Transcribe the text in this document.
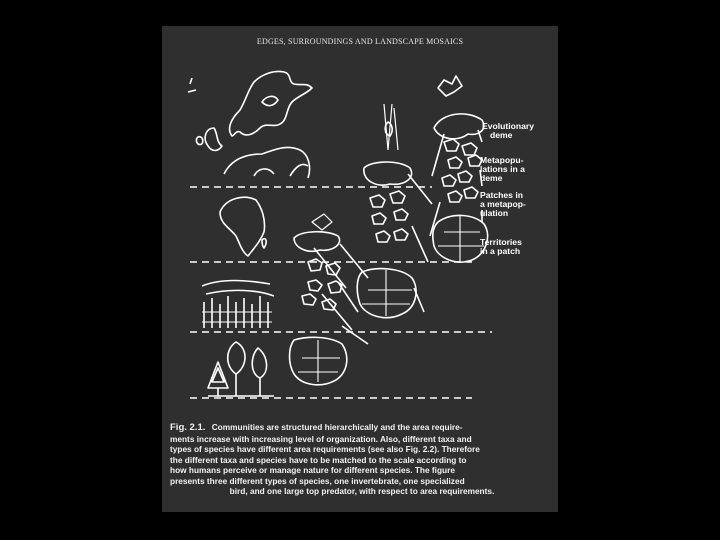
EDGES, SURROUNDINGS AND LANDSCAPE MOSAICS
Evolutionary
deme
Metapopu-
lations in a
deme
Patches in
a metapop-
ulation
Territories
in a patch
Fig. 2.1. Communities are structured hierarchically and the area require-
ments increase with increasing level of organization. Also, different taxa and
types of species have different area requirements (see also Fig. 2.2). Therefore
the different taxa and species have to be matched to the scale according to
how humans perceive or manage nature for different species. The figure
presents three different types of species, one invertebrate, one specialized
bird, and one large top predator, with respect to area requirements.
